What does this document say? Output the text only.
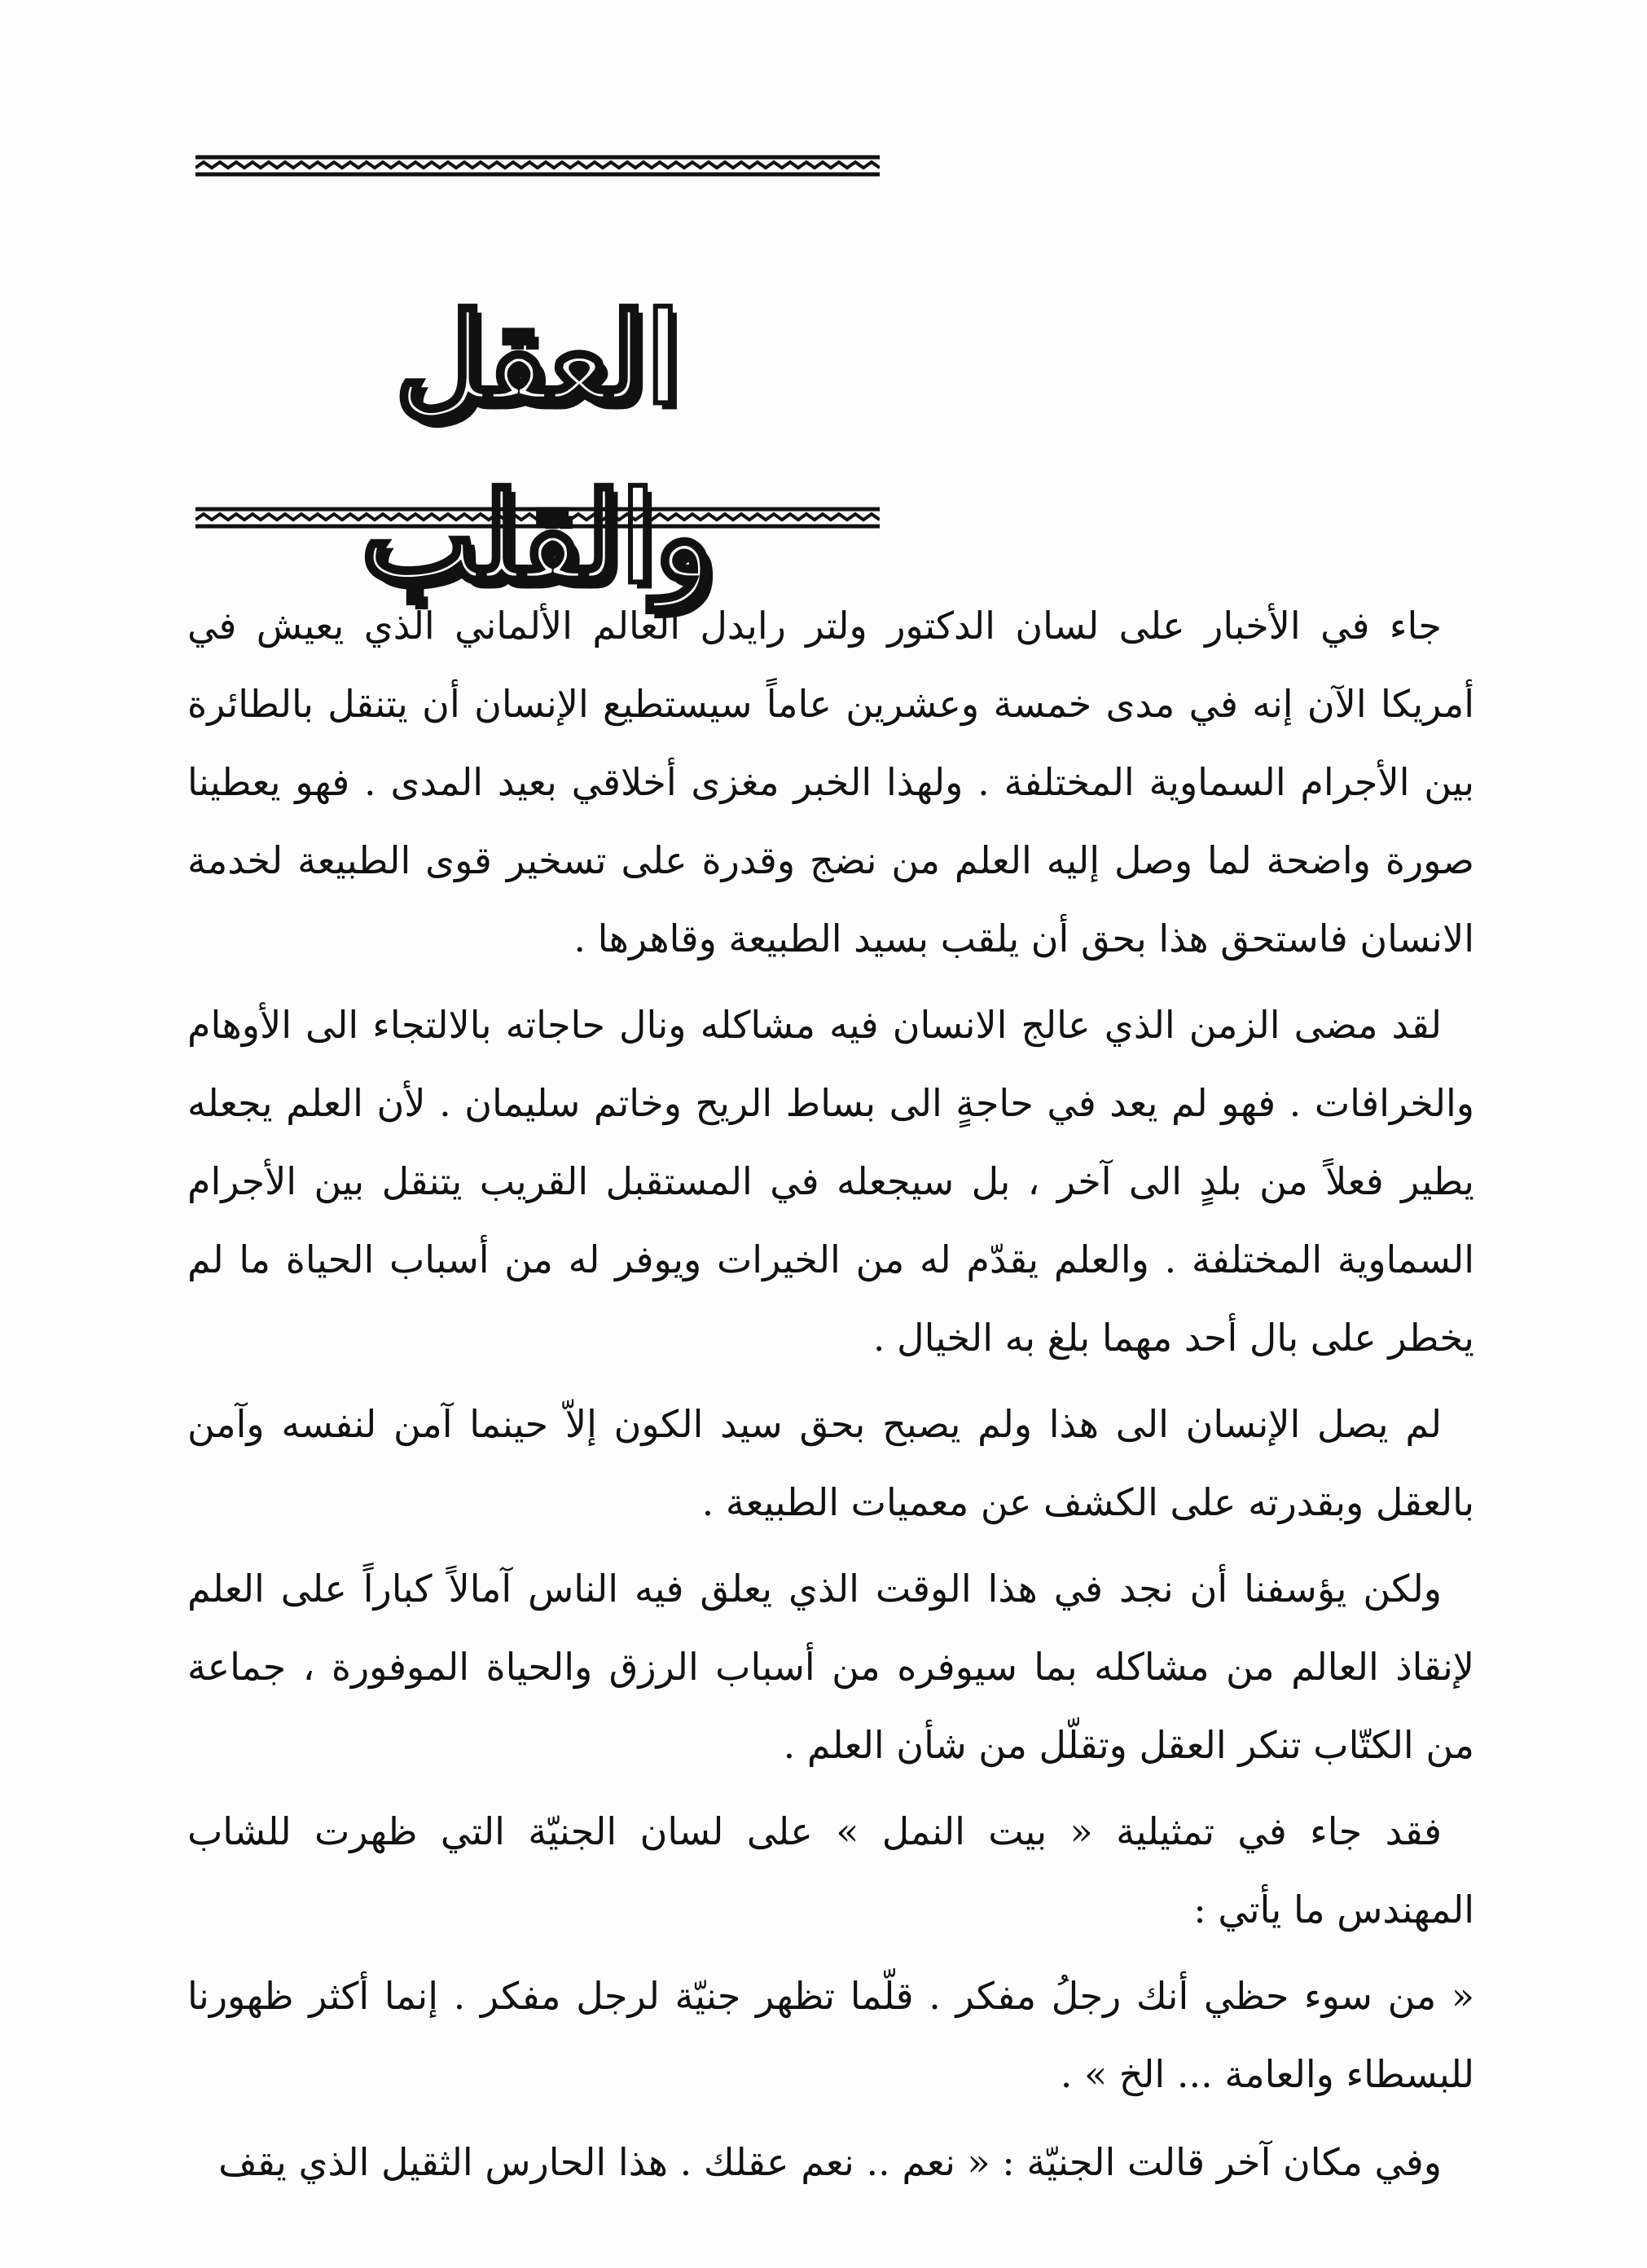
العقل والقلب

جاء في الأخبار على لسان الدكتور ولتر رايدل العالم الألماني الذي يعيش في أمريكا الآن إنه في مدى خمسة وعشرين عاماً سيستطيع الإنسان أن يتنقل بالطائرة بين الأجرام السماوية المختلفة . ولهذا الخبر مغزى أخلاقي بعيد المدى . فهو يعطينا صورة واضحة لما وصل إليه العلم من نضج وقدرة على تسخير قوى الطبيعة لخدمة الانسان فاستحق هذا بحق أن يلقب بسيد الطبيعة وقاهرها .

لقد مضى الزمن الذي عالج الانسان فيه مشاكله ونال حاجاته بالالتجاء الى الأوهام والخرافات . فهو لم يعد في حاجةٍ الى بساط الريح وخاتم سليمان . لأن العلم يجعله يطير فعلاً من بلدٍ الى آخر ، بل سيجعله في المستقبل القريب يتنقل بين الأجرام السماوية المختلفة . والعلم يقدّم له من الخيرات ويوفر له من أسباب الحياة ما لم يخطر على بال أحد مهما بلغ به الخيال .

لم يصل الإنسان الى هذا ولم يصبح بحق سيد الكون إلاّ حينما آمن لنفسه وآمن بالعقل وبقدرته على الكشف عن معميات الطبيعة .

ولكن يؤسفنا أن نجد في هذا الوقت الذي يعلق فيه الناس آمالاً كباراً على العلم لإنقاذ العالم من مشاكله بما سيوفره من أسباب الرزق والحياة الموفورة ، جماعة من الكتّاب تنكر العقل وتقلّل من شأن العلم .

فقد جاء في تمثيلية « بيت النمل » على لسان الجنيّة التي ظهرت للشاب المهندس ما يأتي :

« من سوء حظي أنك رجلُ مفكر . قلّما تظهر جنيّة لرجل مفكر . إنما أكثر ظهورنا للبسطاء والعامة ... الخ » .

وفي مكان آخر قالت الجنيّة : « نعم .. نعم عقلك . هذا الحارس الثقيل الذي يقف
